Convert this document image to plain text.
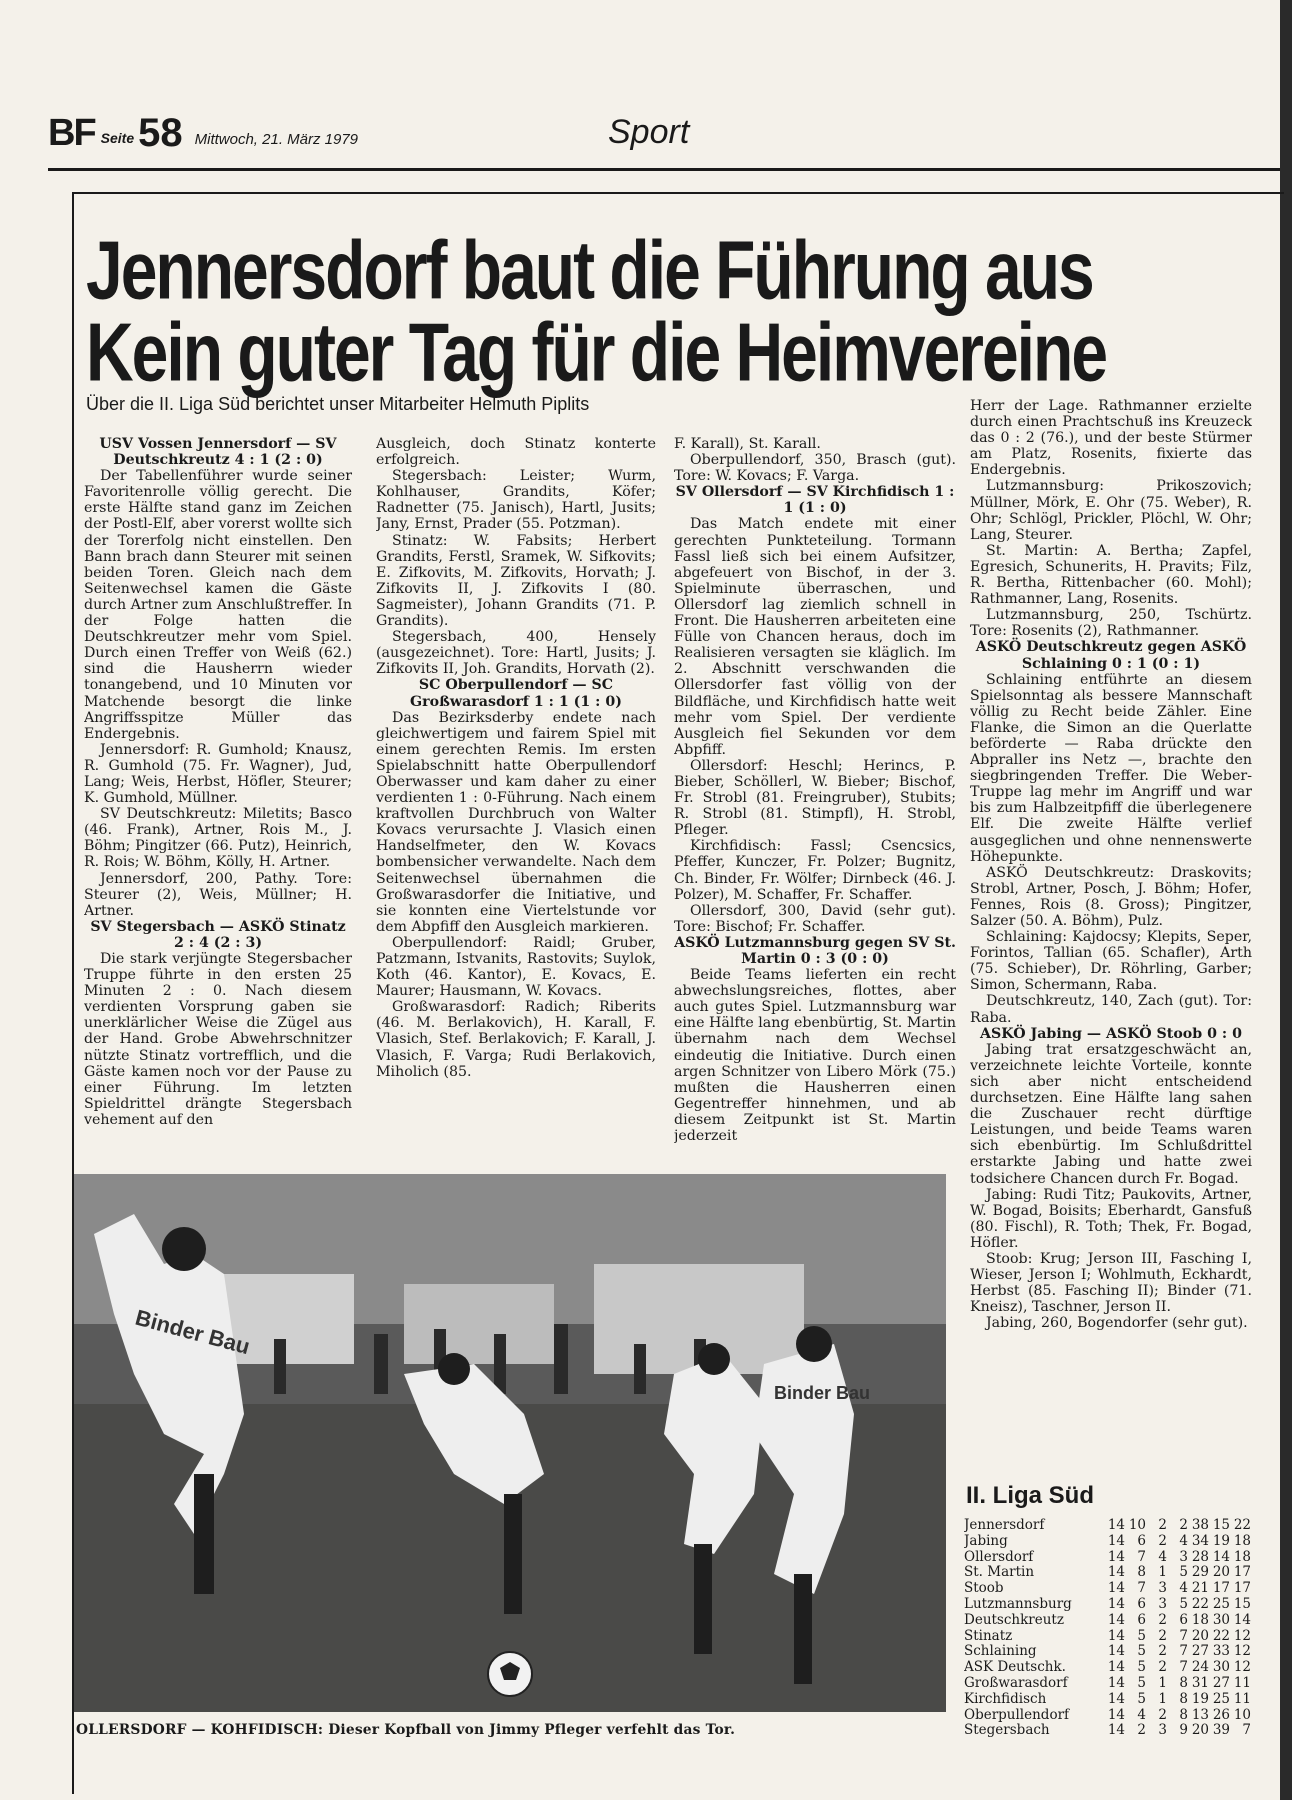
BF Seite 58 Mittwoch, 21. März 1979	Sport
Jennersdorf baut die Führung aus
Kein guter Tag für die Heimvereine
Über die II. Liga Süd berichtet unser Mitarbeiter Helmuth Piplits

USV Vossen Jennersdorf — SV Deutschkreutz 4 : 1 (2 : 0)

Der Tabellenführer wurde seiner Favoritenrolle völlig gerecht. Die erste Hälfte stand ganz im Zeichen der Postl-Elf, aber vorerst wollte sich der Torerfolg nicht einstellen. Den Bann brach dann Steurer mit seinen beiden Toren. Gleich nach dem Seitenwechsel kamen die Gäste durch Artner zum Anschlußtreffer. In der Folge hatten die Deutschkreutzer mehr vom Spiel. Durch einen Treffer von Weiß (62.) sind die Hausherrn wieder tonangebend, und 10 Minuten vor Matchende besorgt die linke Angriffsspitze Müller das Endergebnis.

Jennersdorf: R. Gumhold; Knausz, R. Gumhold (75. Fr. Wagner), Jud, Lang; Weis, Herbst, Höfler, Steurer; K. Gumhold, Müllner.

SV Deutschkreutz: Miletits; Basco (46. Frank), Artner, Rois M., J. Böhm; Pingitzer (66. Putz), Heinrich, R. Rois; W. Böhm, Kölly, H. Artner.

Jennersdorf, 200, Pathy. Tore: Steurer (2), Weis, Müllner; H. Artner.

SV Stegersbach — ASKÖ Stinatz 2 : 4 (2 : 3)

Die stark verjüngte Stegersbacher Truppe führte in den ersten 25 Minuten 2 : 0. Nach diesem verdienten Vorsprung gaben sie unerklärlicher Weise die Zügel aus der Hand. Grobe Abwehrschnitzer nützte Stinatz vortrefflich, und die Gäste kamen noch vor der Pause zu einer Führung. Im letzten Spieldrittel drängte Stegersbach vehement auf den

Ausgleich, doch Stinatz konterte erfolgreich.

Stegersbach: Leister; Wurm, Kohlhauser, Grandits, Köfer; Radnetter (75. Janisch), Hartl, Jusits; Jany, Ernst, Prader (55. Potzman).

Stinatz: W. Fabsits; Herbert Grandits, Ferstl, Sramek, W. Sifkovits; E. Zifkovits, M. Zifkovits, Horvath; J. Zifkovits II, J. Zifkovits I (80. Sagmeister), Johann Grandits (71. P. Grandits).

Stegersbach, 400, Hensely (ausgezeichnet). Tore: Hartl, Jusits; J. Zifkovits II, Joh. Grandits, Horvath (2).

SC Oberpullendorf — SC Großwarasdorf 1 : 1 (1 : 0)

Das Bezirksderby endete nach gleichwertigem und fairem Spiel mit einem gerechten Remis. Im ersten Spielabschnitt hatte Oberpullendorf Oberwasser und kam daher zu einer verdienten 1 : 0-Führung. Nach einem kraftvollen Durchbruch von Walter Kovacs verursachte J. Vlasich einen Handselfmeter, den W. Kovacs bombensicher verwandelte. Nach dem Seitenwechsel übernahmen die Großwarasdorfer die Initiative, und sie konnten eine Viertelstunde vor dem Abpfiff den Ausgleich markieren.

Oberpullendorf: Raidl; Gruber, Patzmann, Istvanits, Rastovits; Suylok, Koth (46. Kantor), E. Kovacs, E. Maurer; Hausmann, W. Kovacs.

Großwarasdorf: Radich; Riberits (46. M. Berlakovich), H. Karall, F. Vlasich, Stef. Berlakovich; F. Karall, J. Vlasich, F. Varga; Rudi Berlakovich, Miholich (85.

F. Karall), St. Karall.

Oberpullendorf, 350, Brasch (gut). Tore: W. Kovacs; F. Varga.

SV Ollersdorf — SV Kirchfidisch 1 : 1 (1 : 0)

Das Match endete mit einer gerechten Punkteteilung. Tormann Fassl ließ sich bei einem Aufsitzer, abgefeuert von Bischof, in der 3. Spielminute überraschen, und Ollersdorf lag ziemlich schnell in Front. Die Hausherren arbeiteten eine Fülle von Chancen heraus, doch im Realisieren versagten sie kläglich. Im 2. Abschnitt verschwanden die Ollersdorfer fast völlig von der Bildfläche, und Kirchfidisch hatte weit mehr vom Spiel. Der verdiente Ausgleich fiel Sekunden vor dem Abpfiff.

Ollersdorf: Heschl; Herincs, P. Bieber, Schöllerl, W. Bieber; Bischof, Fr. Strobl (81. Freingruber), Stubits; R. Strobl (81. Stimpfl), H. Strobl, Pfleger.

Kirchfidisch: Fassl; Csencsics, Pfeffer, Kunczer, Fr. Polzer; Bugnitz, Ch. Binder, Fr. Wölfer; Dirnbeck (46. J. Polzer), M. Schaffer, Fr. Schaffer.

Ollersdorf, 300, David (sehr gut). Tore: Bischof; Fr. Schaffer.

ASKÖ Lutzmannsburg gegen SV St. Martin 0 : 3 (0 : 0)

Beide Teams lieferten ein recht abwechslungsreiches, flottes, aber auch gutes Spiel. Lutzmannsburg war eine Hälfte lang ebenbürtig, St. Martin übernahm nach dem Wechsel eindeutig die Initiative. Durch einen argen Schnitzer von Libero Mörk (75.) mußten die Hausherren einen Gegentreffer hinnehmen, und ab diesem Zeitpunkt ist St. Martin jederzeit

Herr der Lage. Rathmanner erzielte durch einen Prachtschuß ins Kreuzeck das 0 : 2 (76.), und der beste Stürmer am Platz, Rosenits, fixierte das Endergebnis.

Lutzmannsburg: Prikoszovich; Müllner, Mörk, E. Ohr (75. Weber), R. Ohr; Schlögl, Prickler, Plöchl, W. Ohr; Lang, Steurer.

St. Martin: A. Bertha; Zapfel, Egresich, Schunerits, H. Pravits; Filz, R. Bertha, Rittenbacher (60. Mohl); Rathmanner, Lang, Rosenits.

Lutzmannsburg, 250, Tschürtz. Tore: Rosenits (2), Rathmanner.

ASKÖ Deutschkreutz gegen ASKÖ Schlaining 0 : 1 (0 : 1)

Schlaining entführte an diesem Spielsonntag als bessere Mannschaft völlig zu Recht beide Zähler. Eine Flanke, die Simon an die Querlatte beförderte — Raba drückte den Abpraller ins Netz —, brachte den siegbringenden Treffer. Die Weber-Truppe lag mehr im Angriff und war bis zum Halbzeitpfiff die überlegenere Elf. Die zweite Hälfte verlief ausgeglichen und ohne nennenswerte Höhepunkte.

ASKÖ Deutschkreutz: Draskovits; Strobl, Artner, Posch, J. Böhm; Hofer, Fennes, Rois (8. Gross); Pingitzer, Salzer (50. A. Böhm), Pulz.

Schlaining: Kajdocsy; Klepits, Seper, Forintos, Tallian (65. Schafler), Arth (75. Schieber), Dr. Röhrling, Garber; Simon, Schermann, Raba.

Deutschkreutz, 140, Zach (gut). Tor: Raba.

ASKÖ Jabing — ASKÖ Stoob 0 : 0

Jabing trat ersatzgeschwächt an, verzeichnete leichte Vorteile, konnte sich aber nicht entscheidend durchsetzen. Eine Hälfte lang sahen die Zuschauer recht dürftige Leistungen, und beide Teams waren sich ebenbürtig. Im Schlußdrittel erstarkte Jabing und hatte zwei todsichere Chancen durch Fr. Bogad.

Jabing: Rudi Titz; Paukovits, Artner, W. Bogad, Boisits; Eberhardt, Gansfuß (80. Fischl), R. Toth; Thek, Fr. Bogad, Höfler.

Stoob: Krug; Jerson III, Fasching I, Wieser, Jerson I; Wohlmuth, Eckhardt, Herbst (85. Fasching II); Binder (71. Kneisz), Taschner, Jerson II.

Jabing, 260, Bogendorfer (sehr gut).

Binder Bau
Binder Bau
OLLERSDORF — KOHFIDISCH: Dieser Kopfball von Jimmy Pfleger verfehlt das Tor.
II. Liga Süd
Jennersdorf	14 10 2 2 38 15 22
Jabing	14 6 2 4 34 19 18
Ollersdorf	14 7 4 3 28 14 18
St. Martin	14 8 1 5 29 20 17
Stoob	14 7 3 4 21 17 17
Lutzmannsburg	14 6 3 5 22 25 15
Deutschkreutz	14 6 2 6 18 30 14
Stinatz	14 5 2 7 20 22 12
Schlaining	14 5 2 7 27 33 12
ASK Deutschk.	14 5 2 7 24 30 12
Großwarasdorf	14 5 1 8 31 27 11
Kirchfidisch	14 5 1 8 19 25 11
Oberpullendorf	14 4 2 8 13 26 10
Stegersbach	14 2 3 9 20 39 7
